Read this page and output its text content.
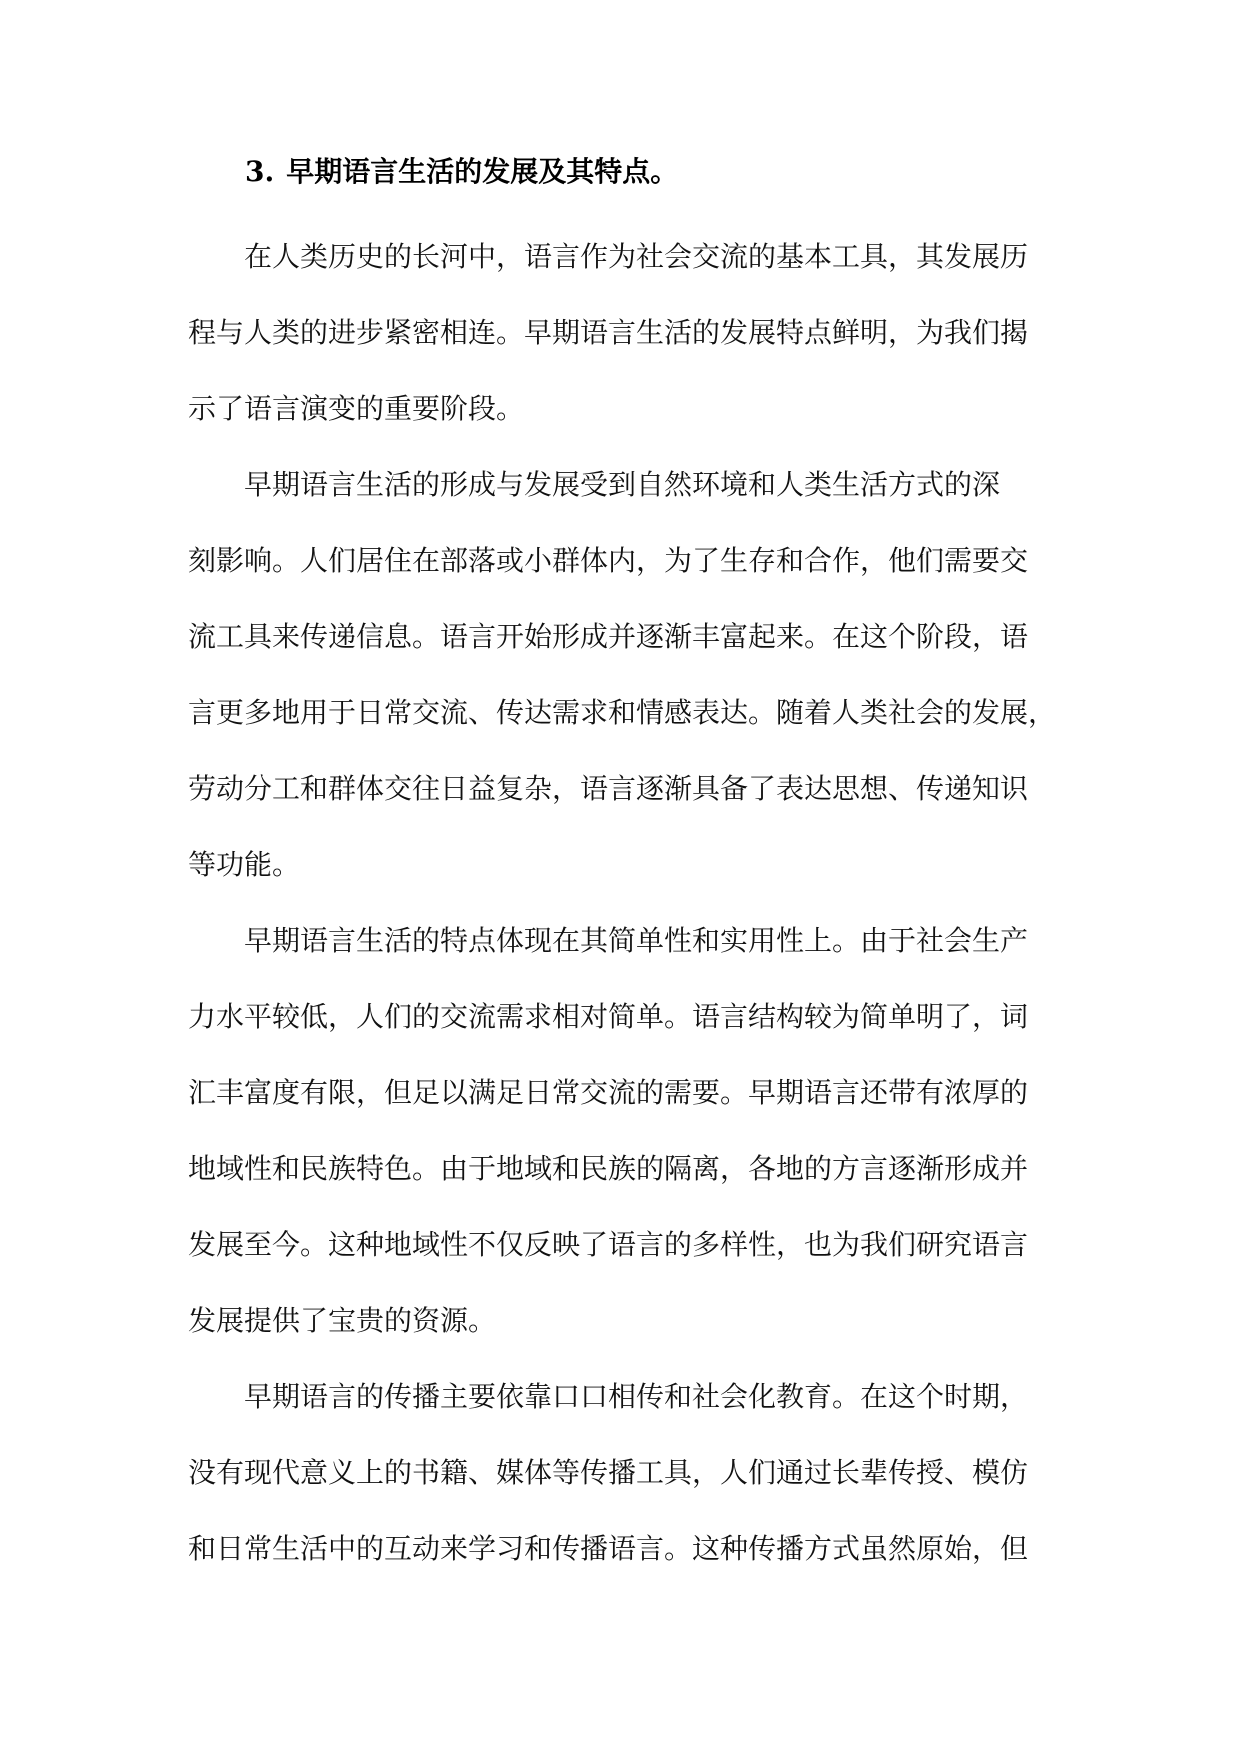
3. 早期语言生活的发展及其特点。

在人类历史的长河中，语言作为社会交流的基本工具，其发展历
程与人类的进步紧密相连。早期语言生活的发展特点鲜明，为我们揭
示了语言演变的重要阶段。

早期语言生活的形成与发展受到自然环境和人类生活方式的深
刻影响。人们居住在部落或小群体内，为了生存和合作，他们需要交
流工具来传递信息。语言开始形成并逐渐丰富起来。在这个阶段，语
言更多地用于日常交流、传达需求和情感表达。随着人类社会的发展，
劳动分工和群体交往日益复杂，语言逐渐具备了表达思想、传递知识
等功能。

早期语言生活的特点体现在其简单性和实用性上。由于社会生产
力水平较低，人们的交流需求相对简单。语言结构较为简单明了，词
汇丰富度有限，但足以满足日常交流的需要。早期语言还带有浓厚的
地域性和民族特色。由于地域和民族的隔离，各地的方言逐渐形成并
发展至今。这种地域性不仅反映了语言的多样性，也为我们研究语言
发展提供了宝贵的资源。

早期语言的传播主要依靠口口相传和社会化教育。在这个时期，
没有现代意义上的书籍、媒体等传播工具，人们通过长辈传授、模仿
和日常生活中的互动来学习和传播语言。这种传播方式虽然原始，但
